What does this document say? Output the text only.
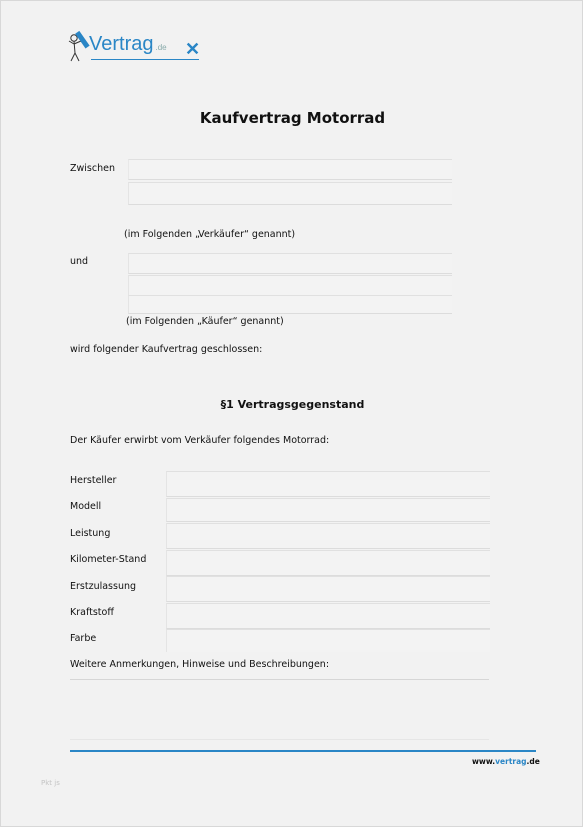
Vertrag .de ✕
Kaufvertrag Motorrad
Zwischen
(im Folgenden „Verkäufer“ genannt)
und
(im Folgenden „Käufer“ genannt)
wird folgender Kaufvertrag geschlossen:
§1 Vertragsgegenstand
Der Käufer erwirbt vom Verkäufer folgendes Motorrad:
Hersteller
Modell
Leistung
Kilometer-Stand
Erstzulassung
Kraftstoff
Farbe
Weitere Anmerkungen, Hinweise und Beschreibungen:
www.vertrag.de
Pkt js
